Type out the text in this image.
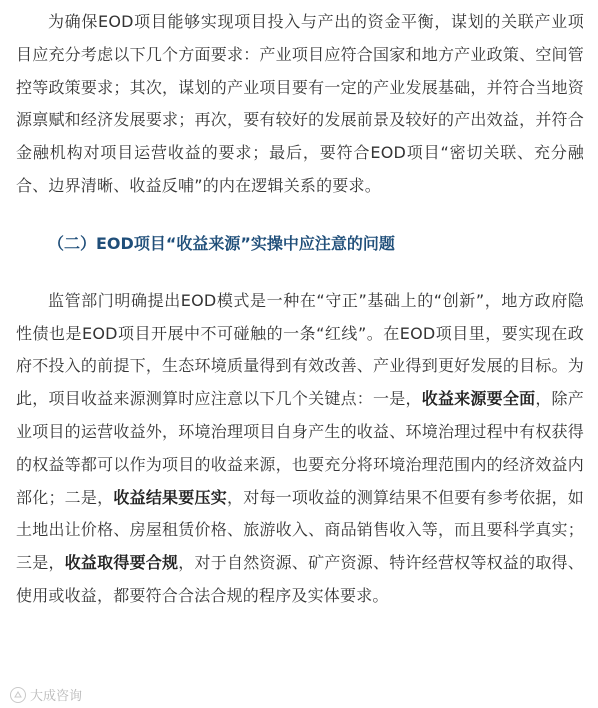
为确保EOD项目能够实现项目投入与产出的资金平衡，谋划的关联产业项目应充分考虑以下几个方面要求：产业项目应符合国家和地方产业政策、空间管控等政策要求；其次，谋划的产业项目要有一定的产业发展基础，并符合当地资源禀赋和经济发展要求；再次，要有较好的发展前景及较好的产出效益，并符合金融机构对项目运营收益的要求；最后，要符合EOD项目“密切关联、充分融合、边界清晰、收益反哺”的内在逻辑关系的要求。

（二）EOD项目“收益来源”实操中应注意的问题

监管部门明确提出EOD模式是一种在“守正”基础上的“创新”，地方政府隐性债也是EOD项目开展中不可碰触的一条“红线”。在EOD项目里，要实现在政府不投入的前提下，生态环境质量得到有效改善、产业得到更好发展的目标。为此，项目收益来源测算时应注意以下几个关键点：一是，收益来源要全面，除产业项目的运营收益外，环境治理项目自身产生的收益、环境治理过程中有权获得的权益等都可以作为项目的收益来源，也要充分将环境治理范围内的经济效益内部化；二是，收益结果要压实，对每一项收益的测算结果不但要有参考依据，如土地出让价格、房屋租赁价格、旅游收入、商品销售收入等，而且要科学真实；三是，收益取得要合规，对于自然资源、矿产资源、特许经营权等权益的取得、使用或收益，都要符合合法合规的程序及实体要求。

大成咨询
